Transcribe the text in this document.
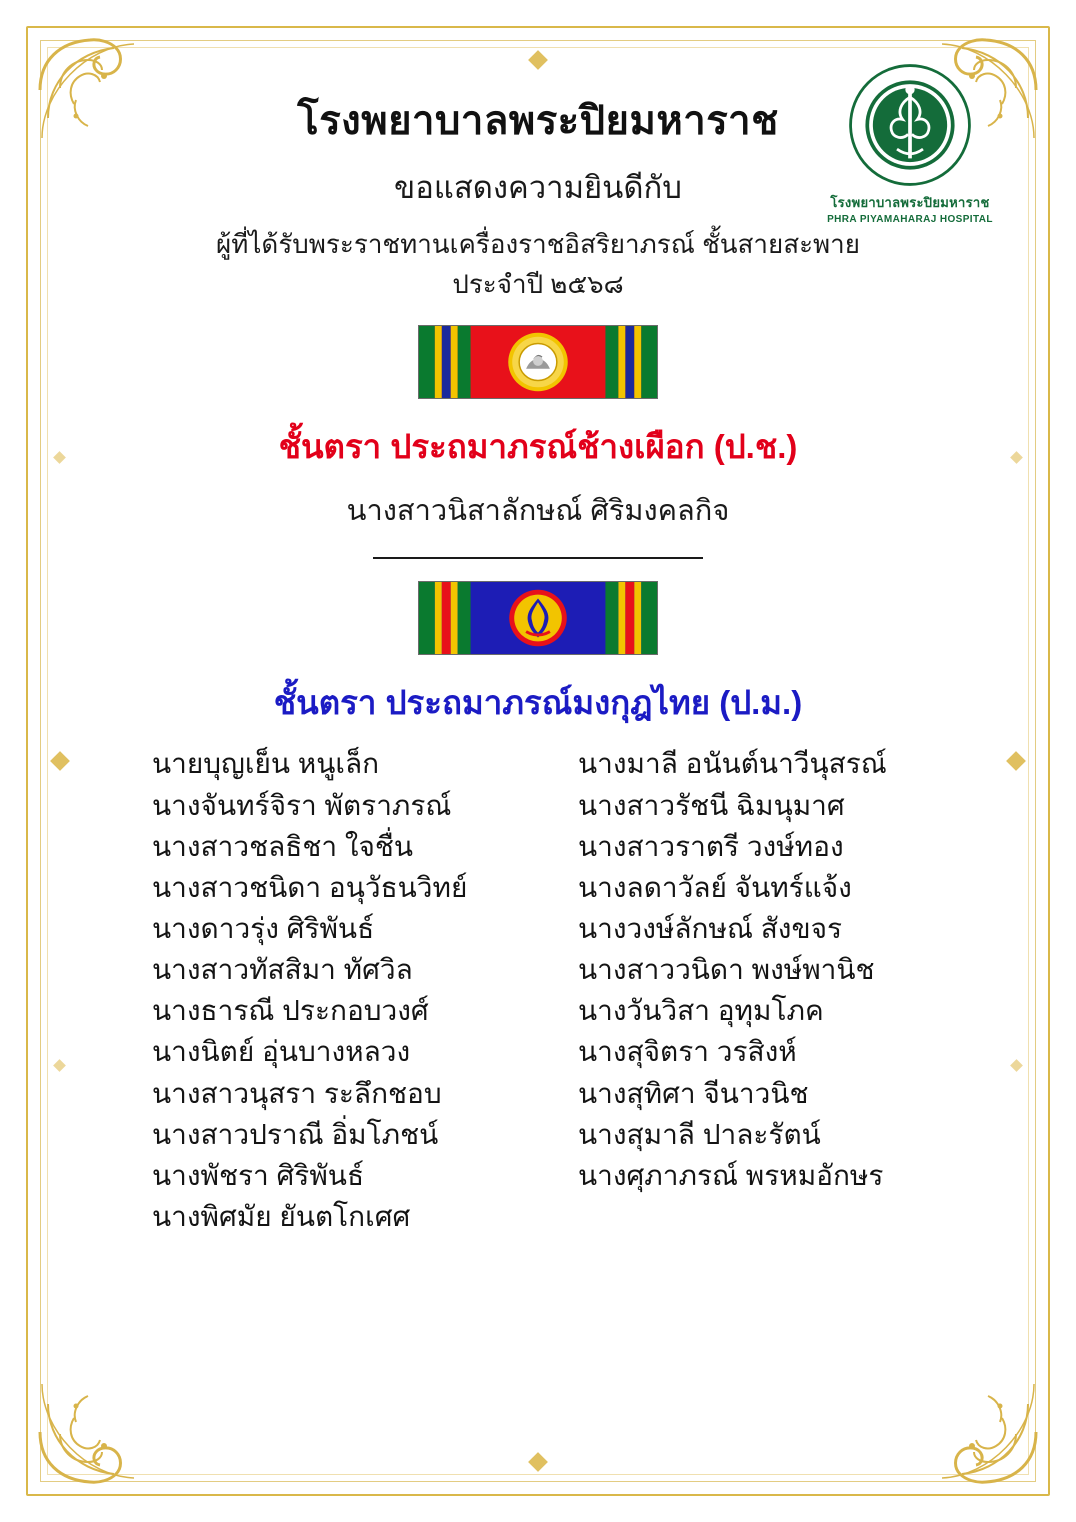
โรงพยาบาลพระปิยมหาราช
PHRA PIYAMAHARAJ HOSPITAL
โรงพยาบาลพระปิยมหาราช
ขอแสดงความยินดีกับ
ผู้ที่ได้รับพระราชทานเครื่องราชอิสริยาภรณ์ ชั้นสายสะพาย
ประจำปี ๒๕๖๘
ชั้นตรา ประถมาภรณ์ช้างเผือก (ป.ช.)
นางสาวนิสาลักษณ์ ศิริมงคลกิจ
ชั้นตรา ประถมาภรณ์มงกุฎไทย (ป.ม.)
นายบุญเย็น หนูเล็ก
นางจันทร์จิรา พัตราภรณ์
นางสาวชลธิชา ใจชื่น
นางสาวชนิดา อนุวัธนวิทย์
นางดาวรุ่ง ศิริพันธ์
นางสาวทัสสิมา ทัศวิล
นางธารณี ประกอบวงศ์
นางนิตย์ อุ่นบางหลวง
นางสาวนุสรา ระลึกชอบ
นางสาวปราณี อิ่มโภชน์
นางพัชรา ศิริพันธ์
นางพิศมัย ยันตโกเศศ
นางมาลี อนันต์นาวีนุสรณ์
นางสาวรัชนี ฉิมนุมาศ
นางสาวราตรี วงษ์ทอง
นางลดาวัลย์ จันทร์แจ้ง
นางวงษ์ลักษณ์ สังขจร
นางสาววนิดา พงษ์พานิช
นางวันวิสา อุทุมโภค
นางสุจิตรา วรสิงห์
นางสุทิศา จีนาวนิช
นางสุมาลี ปาละรัตน์
นางศุภาภรณ์ พรหมอักษร
